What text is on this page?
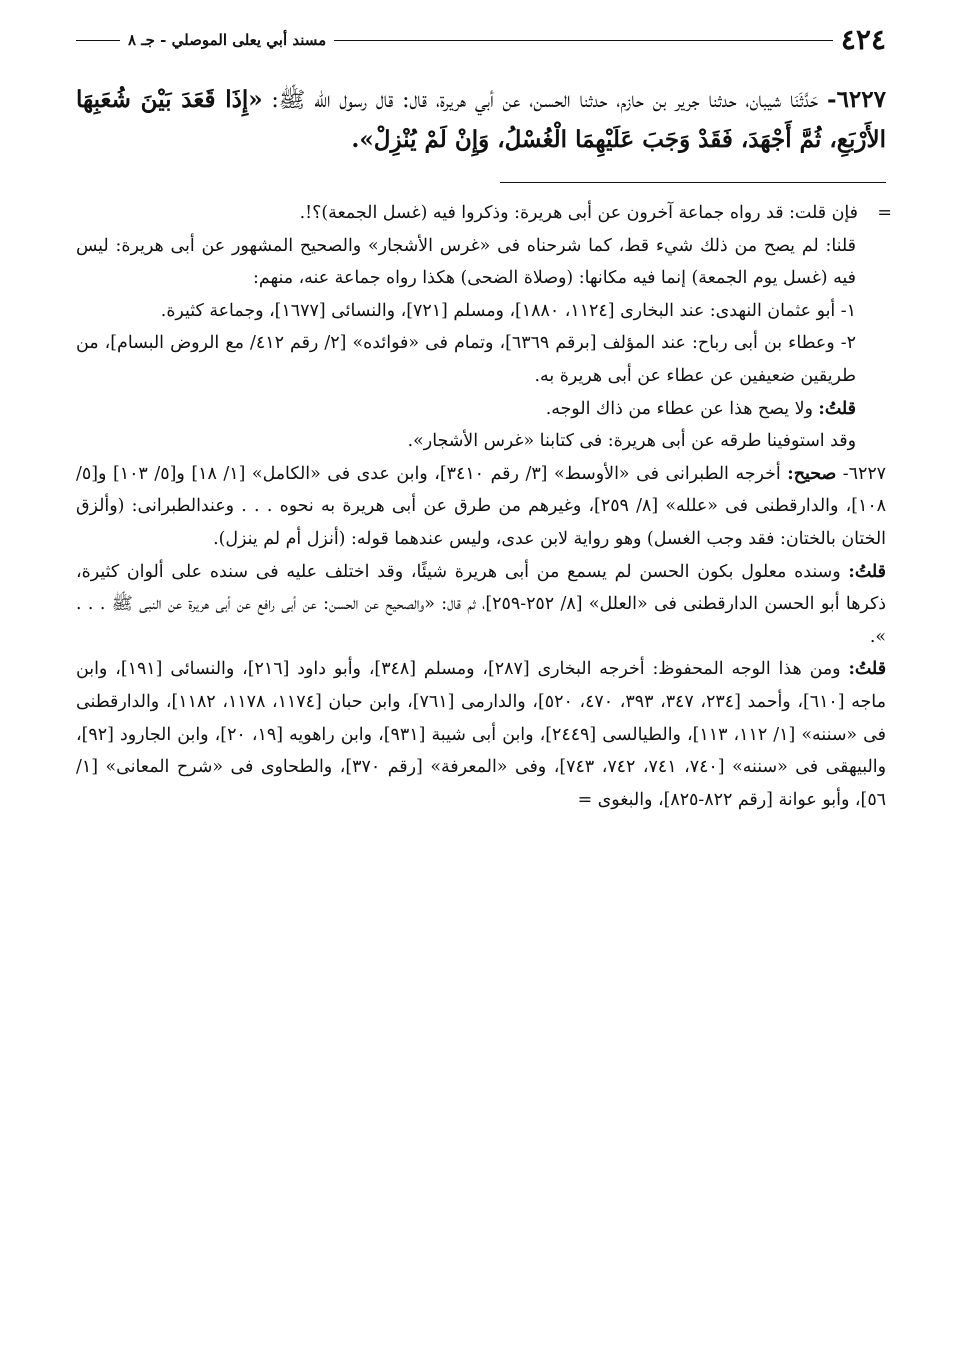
٤٢٤
مسند أبي يعلى الموصلي - جـ ٨
٦٢٢٧- حَدَّثَنَا شيبان، حدثنا جرير بن حازم، حدثنا الحسن، عن أبي هريرة، قال: قال رسول الله ﷺ: «إِذَا قَعَدَ بَيْنَ شُعَبِهَا الأَرْبَعِ، ثُمَّ أَجْهَدَ، فَقَدْ وَجَبَ عَلَيْهِمَا الْغُسْلُ، وَإِنْ لَمْ يُنْزِلْ».

=
فإن قلت: قد رواه جماعة آخرون عن أبى هريرة: وذكروا فيه (غسل الجمعة)؟!.

قلنا: لم يصح من ذلك شيء قط، كما شرحناه فى «غرس الأشجار» والصحيح المشهور عن أبى هريرة: ليس فيه (غسل يوم الجمعة) إنما فيه مكانها: (وصلاة الضحى) هكذا رواه جماعة عنه، منهم:

١- أبو عثمان النهدى: عند البخارى [١١٢٤، ١٨٨٠]، ومسلم [٧٢١]، والنسائى [١٦٧٧]، وجماعة كثيرة.

٢- وعطاء بن أبى رباح: عند المؤلف [برقم ٦٣٦٩]، وتمام فى «فوائده» [٢/ رقم ٤١٢/ مع الروض البسام]، من طريقين ضعيفين عن عطاء عن أبى هريرة به.

قلتُ: ولا يصح هذا عن عطاء من ذاك الوجه.

وقد استوفينا طرقه عن أبى هريرة: فى كتابنا «غرس الأشجار».

٦٢٢٧- صحيح: أخرجه الطبرانى فى «الأوسط» [٣/ رقم ٣٤١٠]، وابن عدى فى «الكامل» [١/ ١٨] و[٥/ ١٠٣] و[٥/ ١٠٨]، والدارقطنى فى «علله» [٨/ ٢٥٩]، وغيرهم من طرق عن أبى هريرة به نحوه . . . وعندالطبرانى: (وألزق الختان بالختان: فقد وجب الغسل) وهو رواية لابن عدى، وليس عندهما قوله: (أنزل أم لم ينزل).

قلتُ: وسنده معلول بكون الحسن لم يسمع من أبى هريرة شيئًا، وقد اختلف عليه فى سنده على ألوان كثيرة، ذكرها أبو الحسن الدارقطنى فى «العلل» [٨/ ٢٥٢-٢٥٩]، ثم قال: «والصحيح عن الحسن: عن أبى رافع عن أبى هريرة عن النبى ﷺ . . . ».

قلتُ: ومن هذا الوجه المحفوظ: أخرجه البخارى [٢٨٧]، ومسلم [٣٤٨]، وأبو داود [٢١٦]، والنسائى [١٩١]، وابن ماجه [٦١٠]، وأحمد [٢٣٤، ٣٤٧، ٣٩٣، ٤٧٠، ٥٢٠]، والدارمى [٧٦١]، وابن حبان [١١٧٤، ١١٧٨، ١١٨٢]، والدارقطنى فى «سننه» [١/ ١١٢، ١١٣]، والطيالسى [٢٤٤٩]، وابن أبى شيبة [٩٣١]، وابن راهويه [١٩، ٢٠]، وابن الجارود [٩٢]، والبيهقى فى «سننه» [٧٤٠، ٧٤١، ٧٤٢، ٧٤٣]، وفى «المعرفة» [رقم ٣٧٠]، والطحاوى فى «شرح المعانى» [١/ ٥٦]، وأبو عوانة [رقم ٨٢٢-٨٢٥]، والبغوى =
